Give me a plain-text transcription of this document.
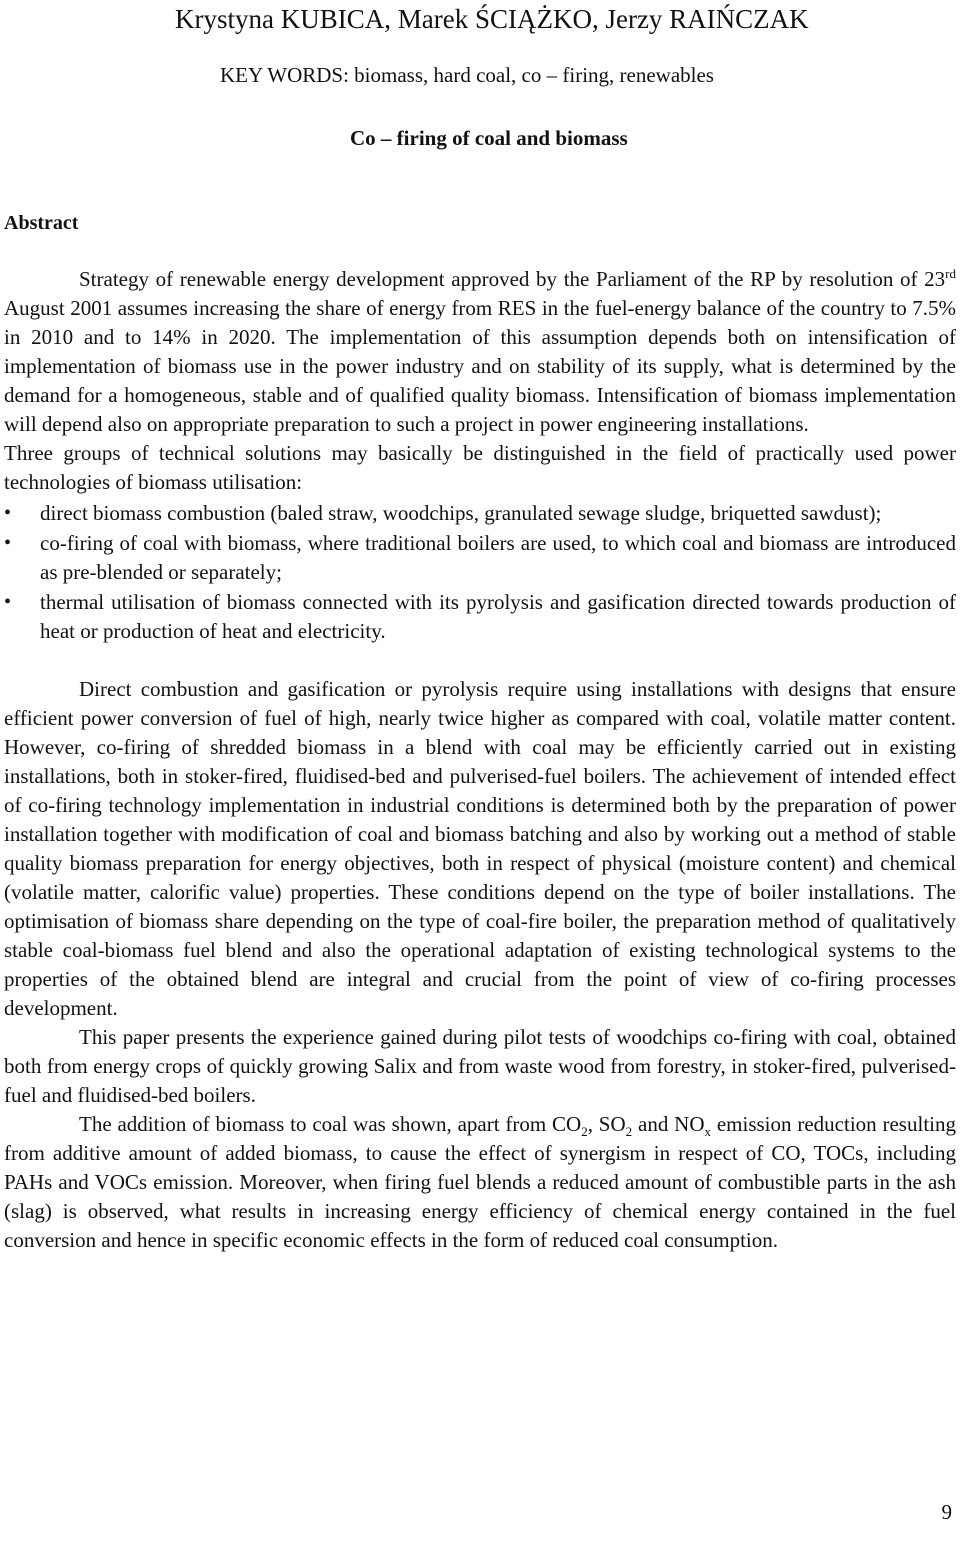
Krystyna KUBICA, Marek ŚCIĄŻKO, Jerzy RAIŃCZAK
KEY WORDS: biomass, hard coal, co – firing, renewables
Co – firing of coal and biomass
Abstract

Strategy of renewable energy development approved by the Parliament of the RP by resolution of 23rd August 2001 assumes increasing the share of energy from RES in the fuel-energy balance of the country to 7.5% in 2010 and to 14% in 2020. The implementation of this assumption depends both on intensification of implementation of biomass use in the power industry and on stability of its supply, what is determined by the demand for a homogeneous, stable and of qualified quality biomass. Intensification of biomass implementation will depend also on appropriate preparation to such a project in power engineering installations.

Three groups of technical solutions may basically be distinguished in the field of practically used power technologies of biomass utilisation:

• direct biomass combustion (baled straw, woodchips, granulated sewage sludge, briquetted sawdust);
• co-firing of coal with biomass, where traditional boilers are used, to which coal and biomass are introduced as pre-blended or separately;
• thermal utilisation of biomass connected with its pyrolysis and gasification directed towards production of heat or production of heat and electricity.

Direct combustion and gasification or pyrolysis require using installations with designs that ensure efficient power conversion of fuel of high, nearly twice higher as compared with coal, volatile matter content. However, co-firing of shredded biomass in a blend with coal may be efficiently carried out in existing installations, both in stoker-fired, fluidised-bed and pulverised-fuel boilers. The achievement of intended effect of co-firing technology implementation in industrial conditions is determined both by the preparation of power installation together with modification of coal and biomass batching and also by working out a method of stable quality biomass preparation for energy objectives, both in respect of physical (moisture content) and chemical (volatile matter, calorific value) properties. These conditions depend on the type of boiler installations. The optimisation of biomass share depending on the type of coal-fire boiler, the preparation method of qualitatively stable coal-biomass fuel blend and also the operational adaptation of existing technological systems to the properties of the obtained blend are integral and crucial from the point of view of co-firing processes development.

This paper presents the experience gained during pilot tests of woodchips co-firing with coal, obtained both from energy crops of quickly growing Salix and from waste wood from forestry, in stoker-fired, pulverised-fuel and fluidised-bed boilers.

The addition of biomass to coal was shown, apart from $CO_2$, $SO_2$ and $NO_x$ emission reduction resulting from additive amount of added biomass, to cause the effect of synergism in respect of CO, TOCs, including PAHs and VOCs emission. Moreover, when firing fuel blends a reduced amount of combustible parts in the ash (slag) is observed, what results in increasing energy efficiency of chemical energy contained in the fuel conversion and hence in specific economic effects in the form of reduced coal consumption.

9
